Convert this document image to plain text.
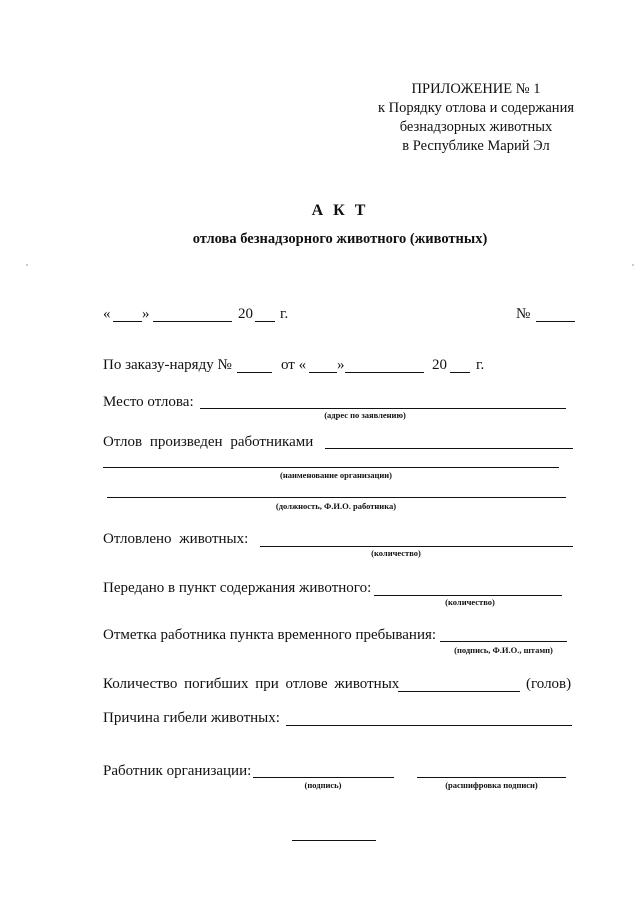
ПРИЛОЖЕНИЕ № 1
к Порядку отлова и содержания
безнадзорных животных
в Республике Марий Эл
А К Т
отлова безнадзорного животного (животных)
« »	20 г.	№
По заказу-наряду №	от « »	20 г.
Место отлова:
(адрес по заявлению)
Отлов произведен работниками
(наименование организации)
(должность, Ф.И.О. работника)
Отловлено животных:
(количество)
Передано в пункт содержания животного:
(количество)
Отметка работника пункта временного пребывания:
(подпись, Ф.И.О., штамп)
Количество погибших при отлове животных	(голов)
Причина гибели животных:
Работник организации:
(подпись)	(расшифровка подписи)
